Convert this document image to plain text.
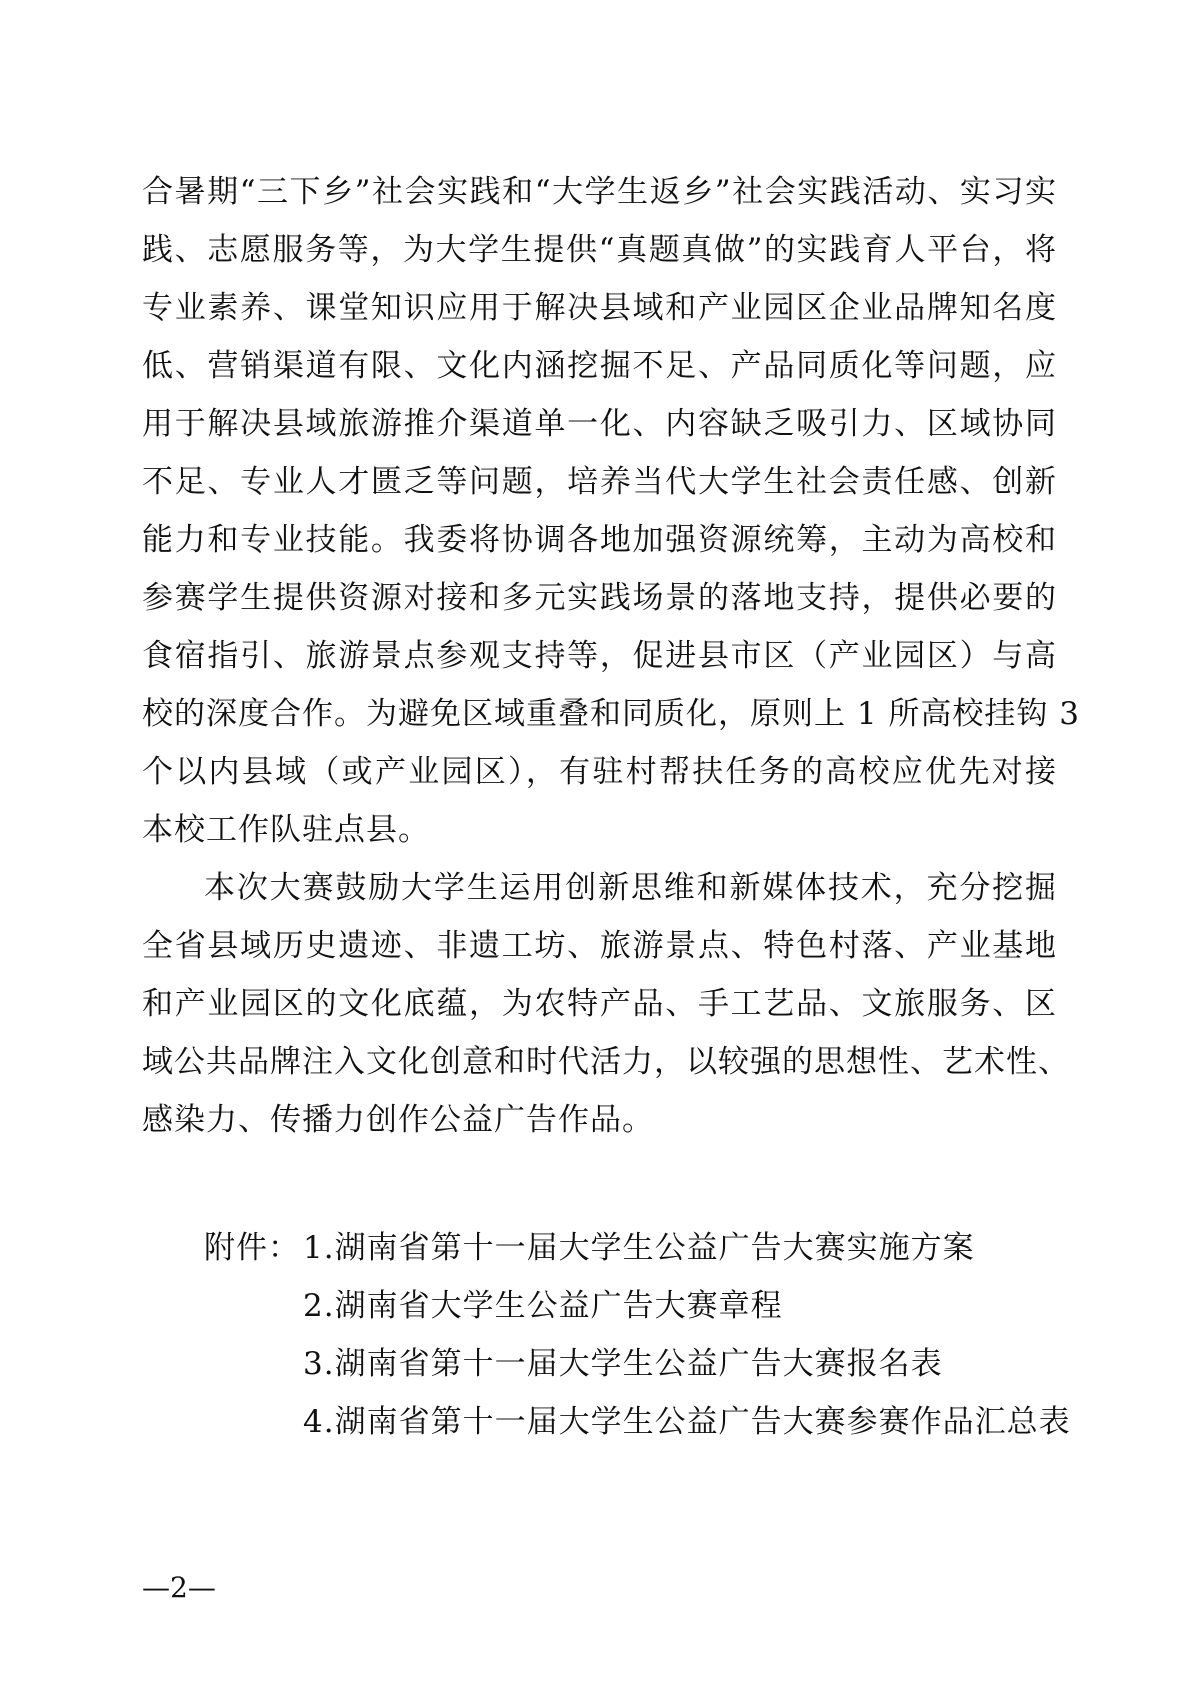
合暑期“三下乡”社会实践和“大学生返乡”社会实践活动、实习实
践、志愿服务等，为大学生提供“真题真做”的实践育人平台，将
专业素养、课堂知识应用于解决县域和产业园区企业品牌知名度
低、营销渠道有限、文化内涵挖掘不足、产品同质化等问题，应
用于解决县域旅游推介渠道单一化、内容缺乏吸引力、区域协同
不足、专业人才匮乏等问题，培养当代大学生社会责任感、创新
能力和专业技能。我委将协调各地加强资源统筹，主动为高校和
参赛学生提供资源对接和多元实践场景的落地支持，提供必要的
食宿指引、旅游景点参观支持等，促进县市区（产业园区）与高
校的深度合作。为避免区域重叠和同质化，原则上 1 所高校挂钩 3
个以内县域（或产业园区），有驻村帮扶任务的高校应优先对接
本校工作队驻点县。
本次大赛鼓励大学生运用创新思维和新媒体技术，充分挖掘
全省县域历史遗迹、非遗工坊、旅游景点、特色村落、产业基地
和产业园区的文化底蕴，为农特产品、手工艺品、文旅服务、区
域公共品牌注入文化创意和时代活力，以较强的思想性、艺术性、
感染力、传播力创作公益广告作品。
附件： 1.湖南省第十一届大学生公益广告大赛实施方案
2.湖南省大学生公益广告大赛章程
3.湖南省第十一届大学生公益广告大赛报名表
4.湖南省第十一届大学生公益广告大赛参赛作品汇总表
—2—
